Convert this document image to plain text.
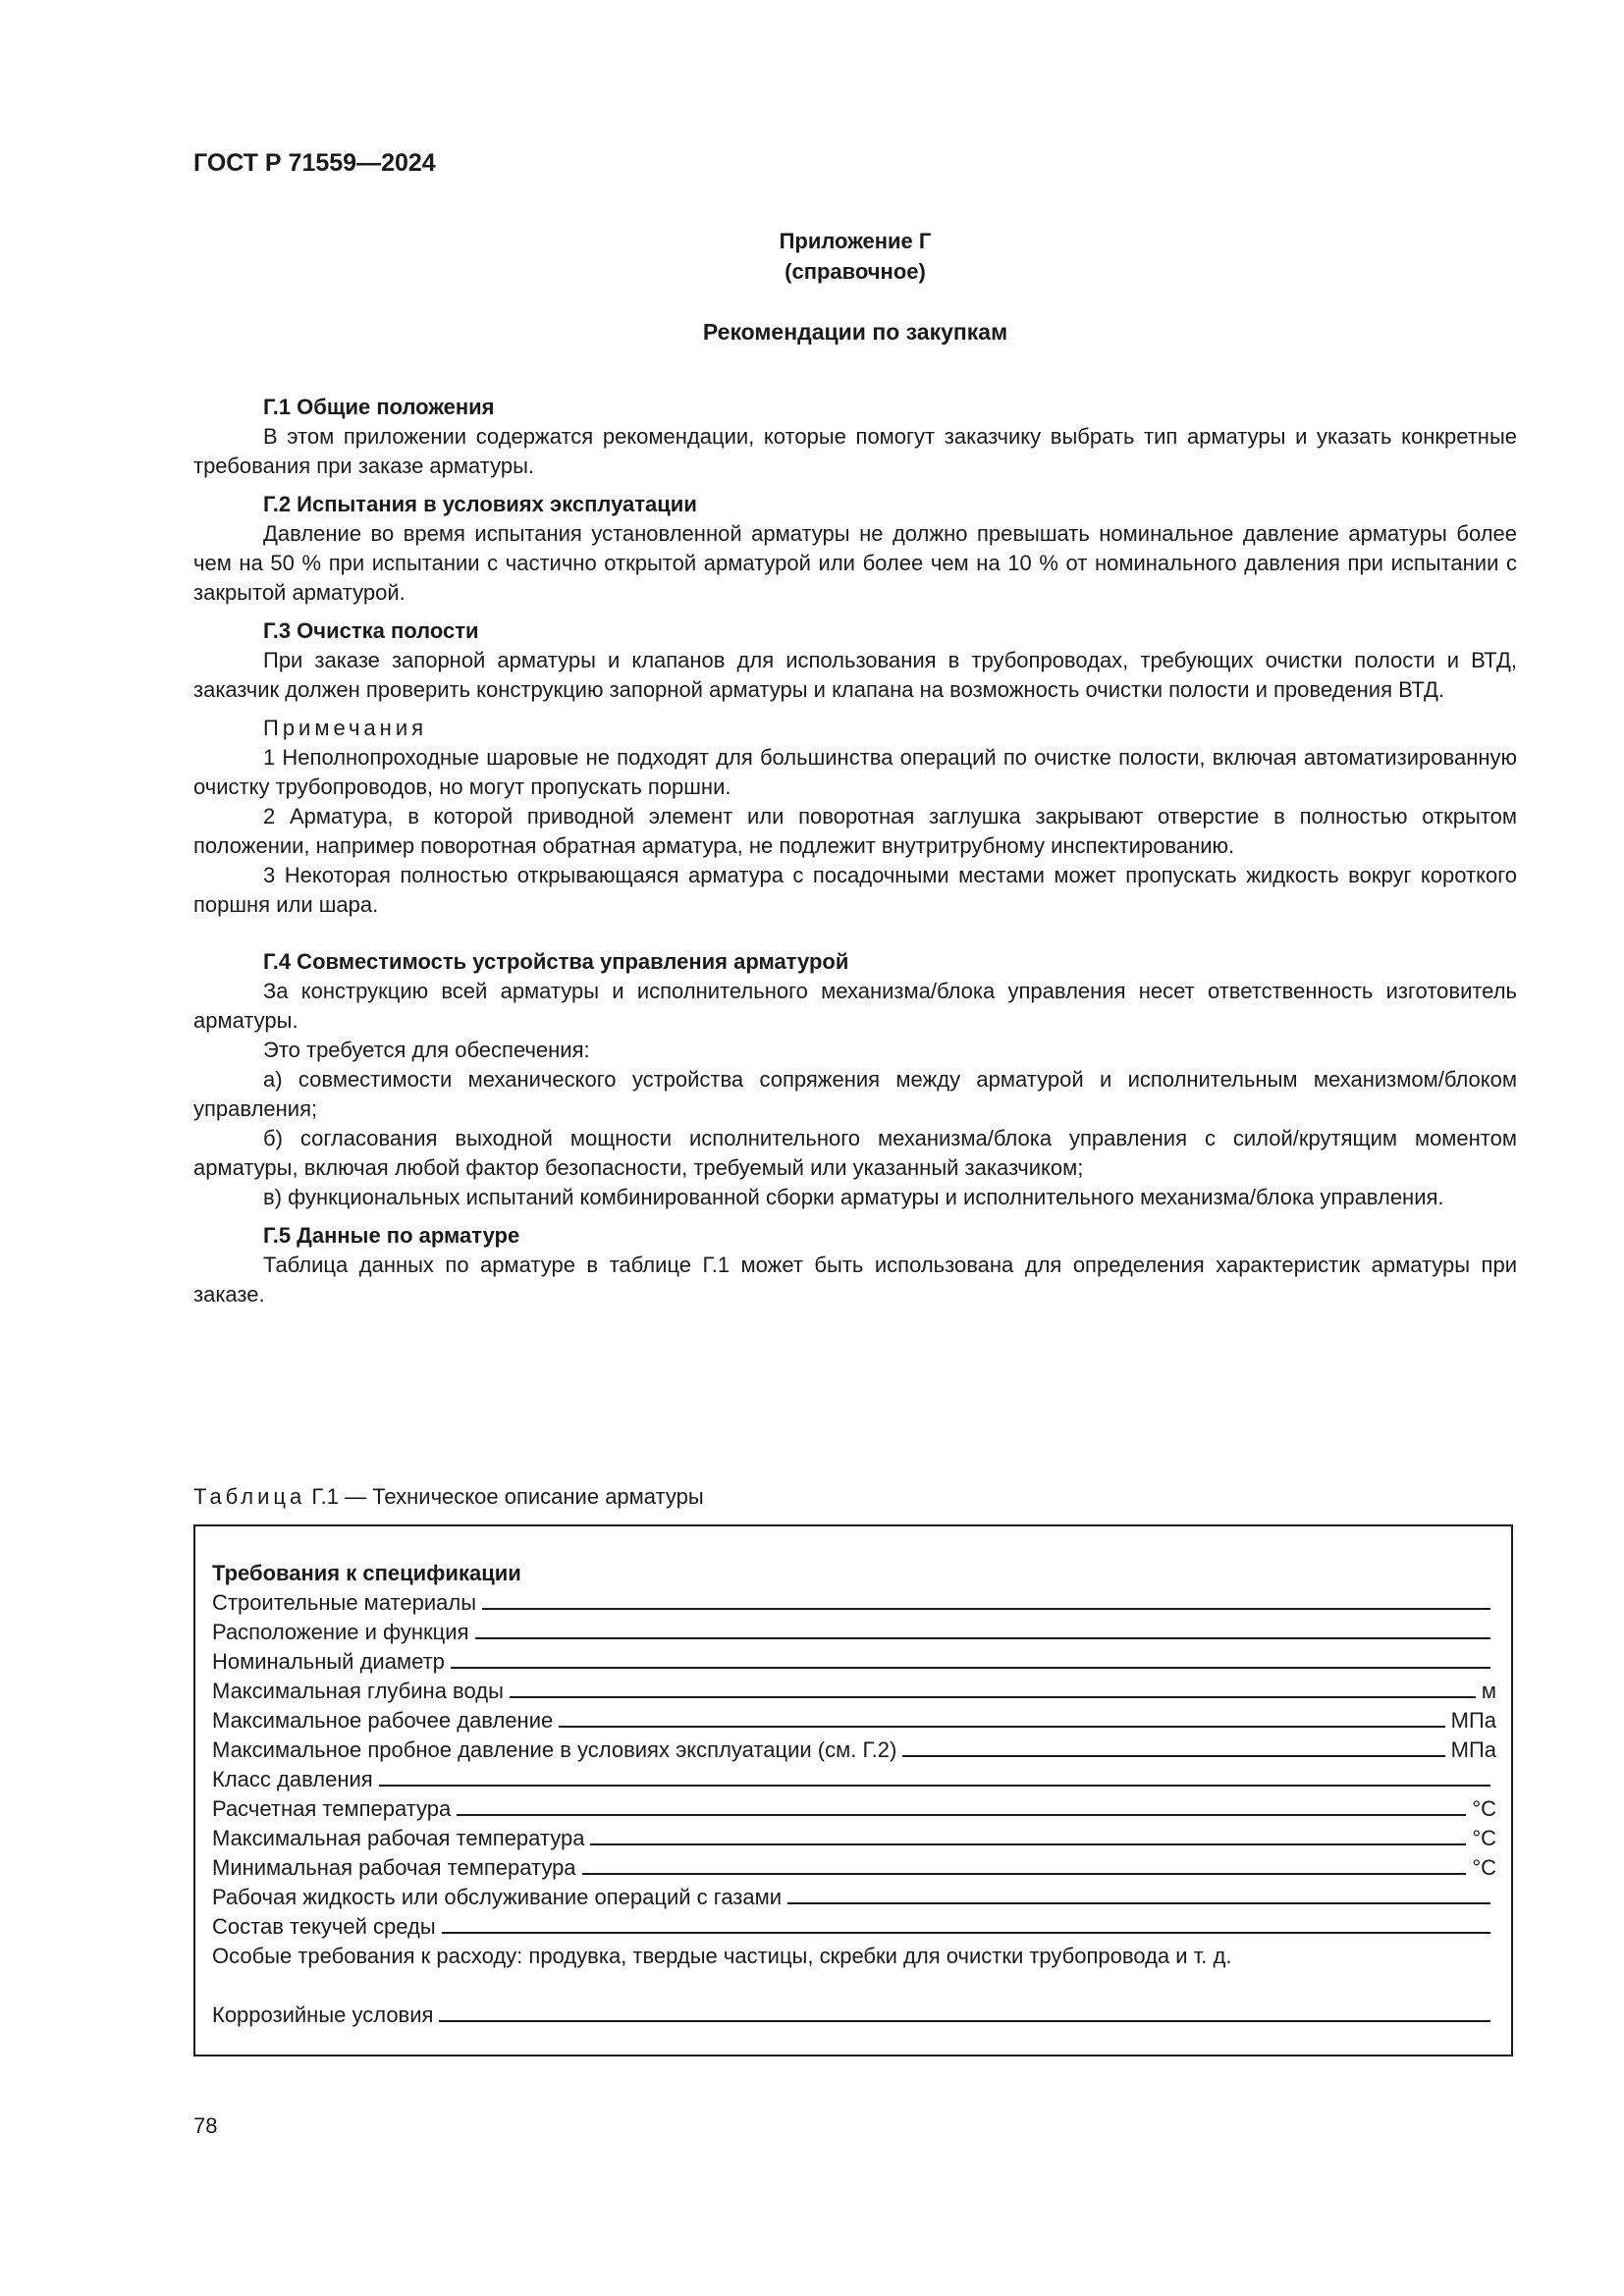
ГОСТ Р 71559—2024
Приложение Г
(справочное)
Рекомендации по закупкам
Г.1 Общие положения

В этом приложении содержатся рекомендации, которые помогут заказчику выбрать тип арматуры и указать конкретные требования при заказе арматуры.

Г.2 Испытания в условиях эксплуатации

Давление во время испытания установленной арматуры не должно превышать номинальное давление арматуры более чем на 50 % при испытании с частично открытой арматурой или более чем на 10 % от номинального давления при испытании с закрытой арматурой.

Г.3 Очистка полости

При заказе запорной арматуры и клапанов для использования в трубопроводах, требующих очистки полости и ВТД, заказчик должен проверить конструкцию запорной арматуры и клапана на возможность очистки полости и проведения ВТД.

Примечания

1 Неполнопроходные шаровые не подходят для большинства операций по очистке полости, включая автоматизированную очистку трубопроводов, но могут пропускать поршни.

2 Арматура, в которой приводной элемент или поворотная заглушка закрывают отверстие в полностью открытом положении, например поворотная обратная арматура, не подлежит внутритрубному инспектированию.

3 Некоторая полностью открывающаяся арматура с посадочными местами может пропускать жидкость вокруг короткого поршня или шара.

Г.4 Совместимость устройства управления арматурой

За конструкцию всей арматуры и исполнительного механизма/блока управления несет ответственность изготовитель арматуры.

Это требуется для обеспечения:

а) совместимости механического устройства сопряжения между арматурой и исполнительным механизмом/блоком управления;

б) согласования выходной мощности исполнительного механизма/блока управления с силой/крутящим моментом арматуры, включая любой фактор безопасности, требуемый или указанный заказчиком;

в) функциональных испытаний комбинированной сборки арматуры и исполнительного механизма/блока управления.

Г.5 Данные по арматуре

Таблица данных по арматуре в таблице Г.1 может быть использована для определения характеристик арматуры при заказе.

Таблица Г.1 — Техническое описание арматуры
Требования к спецификации
Строительные материалы
Расположение и функция
Номинальный диаметр
Максимальная глубина воды	м
Максимальное рабочее давление	МПа
Максимальное пробное давление в условиях эксплуатации (см. Г.2)	МПа
Класс давления
Расчетная температура	°C
Максимальная рабочая температура	°C
Минимальная рабочая температура	°C
Рабочая жидкость или обслуживание операций с газами
Состав текучей среды
Особые требования к расходу: продувка, твердые частицы, скребки для очистки трубопровода и т. д.
Коррозийные условия
78
